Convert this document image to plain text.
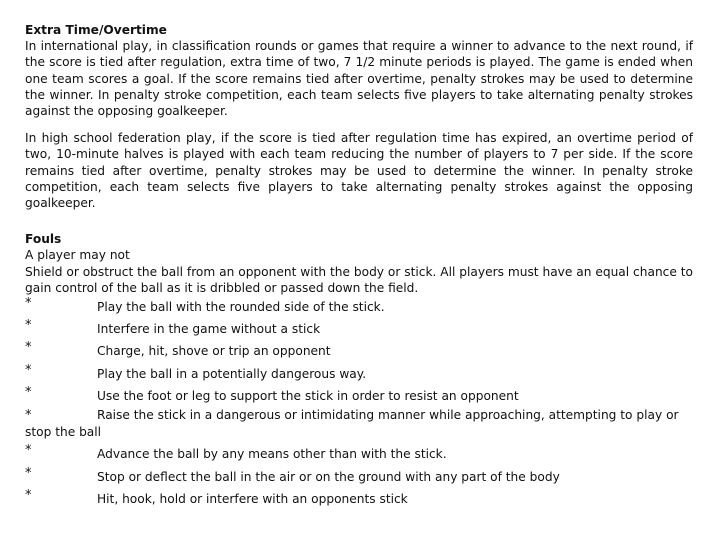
Extra Time/Overtime

In international play, in classification rounds or games that require a winner to advance to the next round, if the score is tied after regulation, extra time of two, 7 1/2 minute periods is played. The game is ended when one team scores a goal. If the score remains tied after overtime, penalty strokes may be used to determine the winner. In penalty stroke competition, each team selects five players to take alternating penalty strokes against the opposing goalkeeper.

In high school federation play, if the score is tied after regulation time has expired, an overtime period of two, 10-minute halves is played with each team reducing the number of players to 7 per side. If the score remains tied after overtime, penalty strokes may be used to determine the winner. In penalty stroke competition, each team selects five players to take alternating penalty strokes against the opposing goalkeeper.

Fouls

A player may not

Shield or obstruct the ball from an opponent with the body or stick. All players must have an equal chance to gain control of the ball as it is dribbled or passed down the field.

*	Play the ball with the rounded side of the stick.
*	Interfere in the game without a stick
*	Charge, hit, shove or trip an opponent
*	Play the ball in a potentially dangerous way.
*	Use the foot or leg to support the stick in order to resist an opponent
*	Raise the stick in a dangerous or intimidating manner while approaching, attempting to play or stop the ball
*	Advance the ball by any means other than with the stick.
*	Stop or deflect the ball in the air or on the ground with any part of the body
*	Hit, hook, hold or interfere with an opponents stick
